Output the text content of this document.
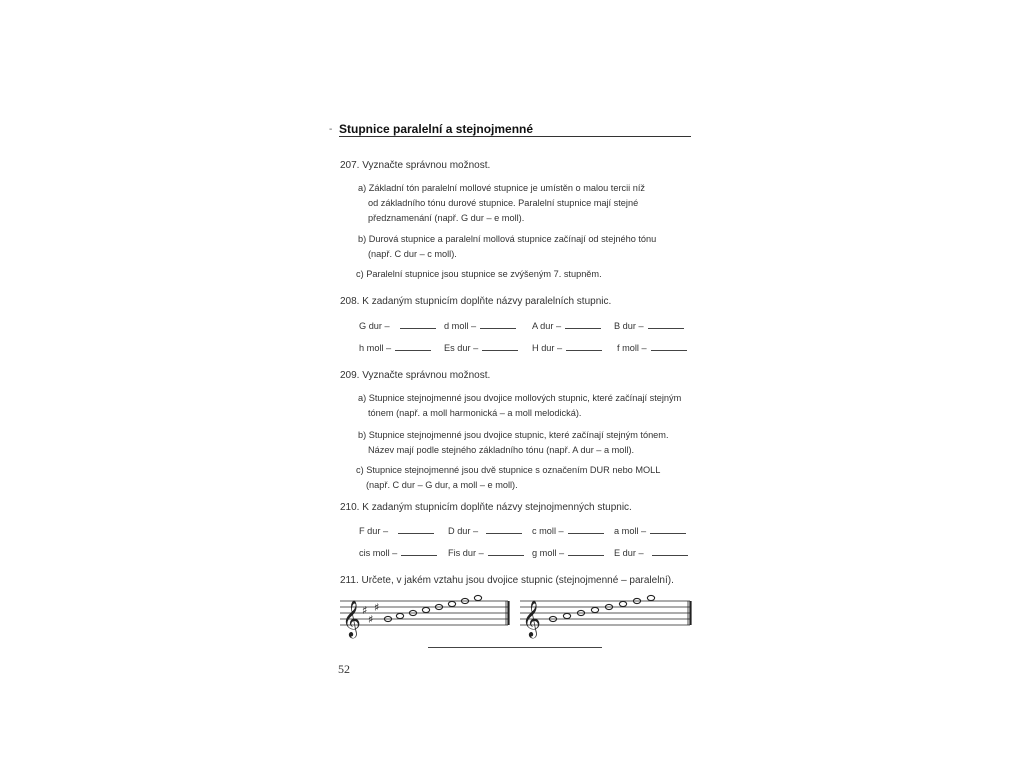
- Stupnice paralelní a stejnojmenné
207. Vyznačte správnou možnost.
a) Základní tón paralelní mollové stupnice je umístěn o malou tercii níž
od základního tónu durové stupnice. Paralelní stupnice mají stejné
předznamenání (např. G dur – e moll).
b) Durová stupnice a paralelní mollová stupnice začínají od stejného tónu
(např. C dur – c moll).
c) Paralelní stupnice jsou stupnice se zvýšeným 7. stupněm.
208. K zadaným stupnicím doplňte názvy paralelních stupnic.
G dur –	d moll –	A dur –	B dur –
h moll –	Es dur –	H dur –	f moll –
209. Vyznačte správnou možnost.
a) Stupnice stejnojmenné jsou dvojice mollových stupnic, které začínají stejným
tónem (např. a moll harmonická – a moll melodická).
b) Stupnice stejnojmenné jsou dvojice stupnic, které začínají stejným tónem.
Název mají podle stejného základního tónu (např. A dur – a moll).
c) Stupnice stejnojmenné jsou dvě stupnice s označením DUR nebo MOLL
(např. C dur – G dur, a moll – e moll).
210. K zadaným stupnicím doplňte názvy stejnojmenných stupnic.
F dur –	D dur –	c moll –	a moll –
cis moll –	Fis dur –	g moll –	E dur –
211. Určete, v jakém vztahu jsou dvojice stupnic (stejnojmenné – paralelní).
𝄞 ♯
♯
♯	𝄞
52
